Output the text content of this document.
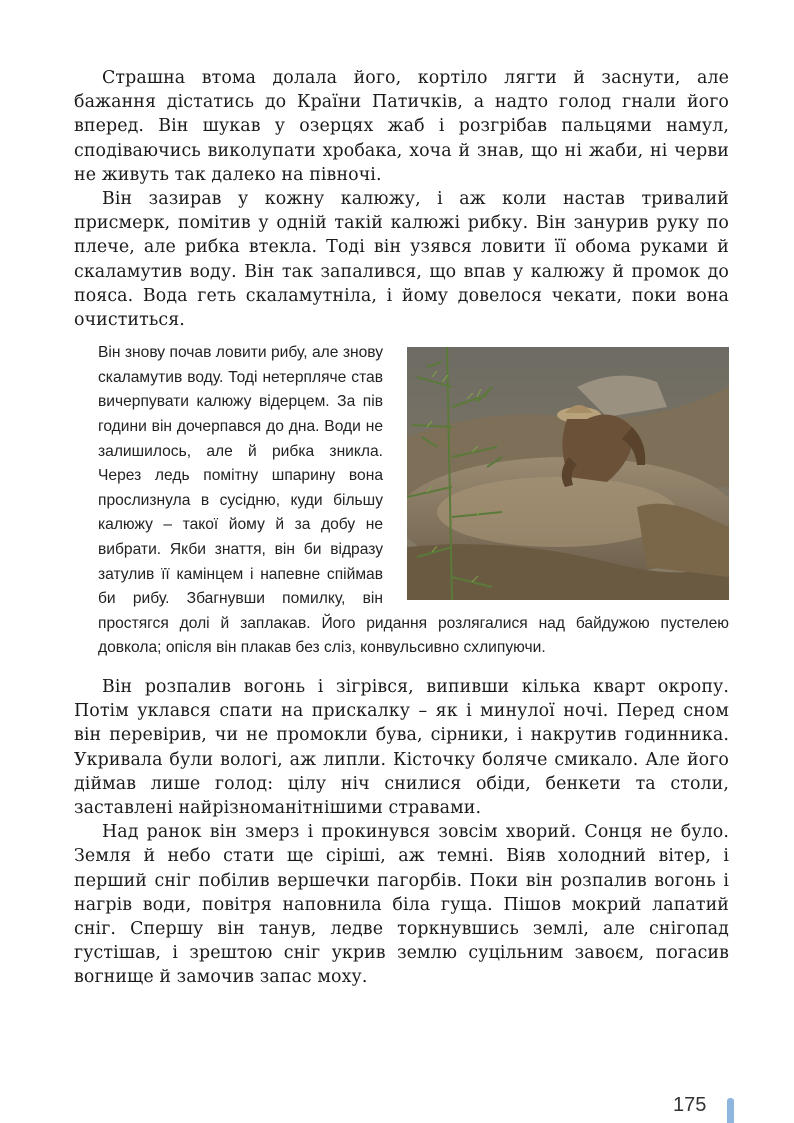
Страшна втома долала його, кортіло лягти й заснути, але бажання дістатись до Країни Патичків, а надто голод гнали його вперед. Він шукав у озерцях жаб і розгрібав пальцями намул, сподіваючись виколупати хробака, хоча й знав, що ні жаби, ні черви не живуть так далеко на півночі.

Він зазирав у кожну калюжу, і аж коли настав тривалий присмерк, помітив у одній такій калюжі рибку. Він занурив руку по плече, але рибка втекла. Тоді він узявся ловити її обома руками й скаламутив воду. Він так запалився, що впав у калюжу й промок до пояса. Вода геть скаламутніла, і йому довелося чекати, поки вона очиститься.

Він знову почав ловити рибу, але знову скаламутив воду. Тоді нетерпляче став вичерпувати калюжу відерцем. За пів години він дочерпався до дна. Води не залишилось, але й рибка зникла. Через ледь помітну шпарину вона прослизнула в сусідню, куди більшу калюжу – такої йому й за добу не вибрати. Якби знаття, він би відразу затулив її камінцем і напевне спіймав би рибу. Збагнувши помилку, він простягся долі й заплакав. Його ридання розлягалися над байдужою пустелею довкола; опісля він плакав без сліз, конвульсивно схлипуючи.

Він розпалив вогонь і зігрівся, випивши кілька кварт окропу. Потім уклався спати на прискалку – як і минулої ночі. Перед сном він перевірив, чи не промокли бува, сірники, і накрутив годинника. Укривала були вологі, аж липли. Кісточку боляче смикало. Але його діймав лише голод: цілу ніч снилися обіди, бенкети та столи, заставлені найрізноманітнішими стравами.

Над ранок він змерз і прокинувся зовсім хворий. Сонця не було. Земля й небо стати ще сіріші, аж темні. Віяв холодний вітер, і перший сніг побілив вершечки пагорбів. Поки він розпалив вогонь і нагрів води, повітря наповнила біла гуща. Пішов мокрий лапатий сніг. Спершу він танув, ледве торкнувшись землі, але снігопад густішав, і зрештою сніг укрив землю суцільним завоєм, погасив вогнище й замочив запас моху.

175
